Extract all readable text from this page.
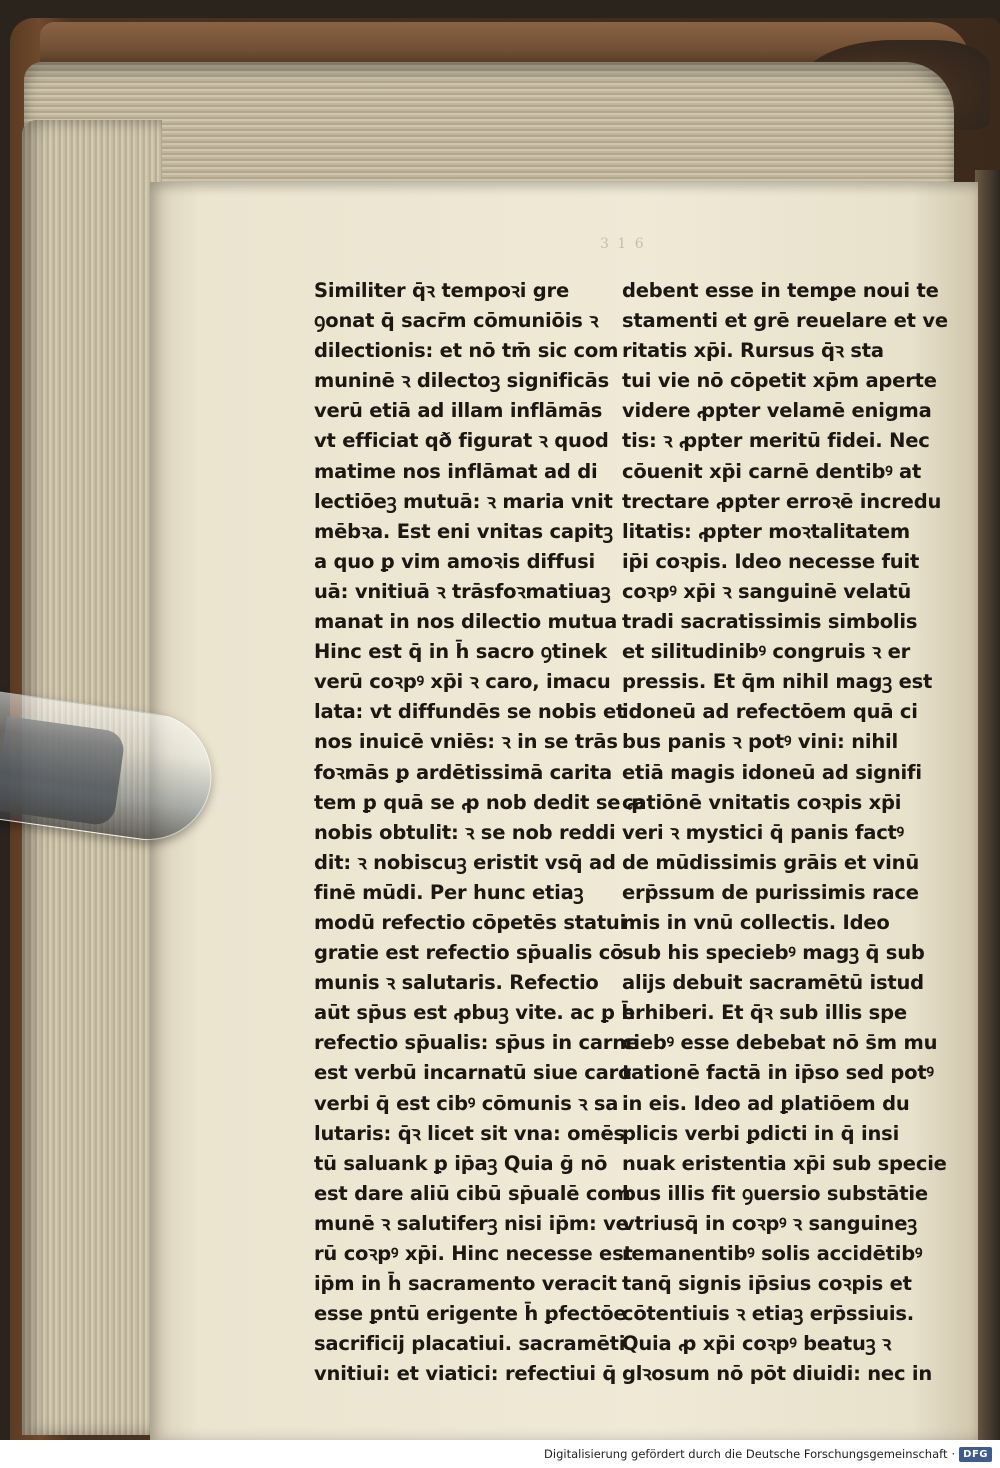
3 1 6
Similiter q̄ꝛ tempoꝛi gre
ꝯonat q̄ sacr̄m cōmuniōis ꝛ
dilectionis: et nō tm̄ sic com
muninē ꝛ dilectoꝫ significās
verū etiā ad illam inflāmās
vt efficiat qð figurat ꝛ quod
matime nos inflāmat ad di
lectiōeꝫ mutuā: ꝛ maria vnit
mēbꝛa. Est eni vnitas capitꝫ
a quo ꝑ vim amoꝛis diffusi
uā: vnitiuā ꝛ trāsfoꝛmatiuaꝫ
manat in nos dilectio mutua
Hinc est q̄ in h̄ sacro ꝯtinek
verū coꝛpꝰ xp̄i ꝛ caro, imacu
lata: vt diffundēs se nobis et
nos inuicē vniēs: ꝛ in se trās
foꝛmās ꝑ ardētissimā carita
tem ꝑ quā se ꝓ nob dedit se ꝓ
nobis obtulit: ꝛ se nob reddi
dit: ꝛ nobiscuꝫ eristit vsq̄ ad
finē mūdi. Per hunc etiaꝫ
modū refectio cōpetēs statui
gratie est refectio sp̄ualis cō
munis ꝛ salutaris. Refectio
aūt sp̄us est ꝓbuꝫ vite. ac ꝑ h̄
refectio sp̄ualis: sp̄us in carne
est verbū incarnatū siue caro
verbi q̄ est cibꝰ cōmunis ꝛ sa
lutaris: q̄ꝛ licet sit vna: omēs
tū saluank ꝑ ip̄aꝫ Quia ḡ nō
est dare aliū cibū sp̄ualē com
munē ꝛ salutiferꝫ nisi ip̄m: ve
rū coꝛpꝰ xp̄i. Hinc necesse est
ip̄m in h̄ sacramento veracit
esse ꝑntū erigente h̄ ꝑfectōe
sacrificij placatiui. sacramēti
vnitiui: et viatici: refectiui q̄
debent esse in temꝑe noui te
stamenti et grē reuelare et ve
ritatis xp̄i. Rursus q̄ꝛ sta
tui vie nō cōpetit xp̄m aperte
videre ꝓpter velamē enigma
tis: ꝛ ꝓpter meritū fidei. Nec
cōuenit xp̄i carnē dentibꝰ at
trectare ꝓpter erroꝛē incredu
litatis: ꝓpter moꝛtalitatem
ip̄i coꝛpis. Ideo necesse fuit
coꝛpꝰ xp̄i ꝛ sanguinē velatū
tradi sacratissimis simbolis
et silitudinibꝰ congruis ꝛ er
pressis. Et q̄m nihil magꝫ est
idoneū ad refectōem quā ci
bus panis ꝛ potꝰ vini: nihil
etiā magis idoneū ad signifi
catiōnē vnitatis coꝛpis xp̄i
veri ꝛ mystici q̄ panis factꝰ
de mūdissimis grāis et vinū
erp̄ssum de purissimis race
mis in vnū collectis. Ideo
sub his speciebꝰ magꝫ q̄ sub
alijs debuit sacramētū istud
erhiberi. Et q̄ꝛ sub illis spe
ciebꝰ esse debebat nō s̄m mu
tationē factā in ip̄so sed potꝰ
in eis. Ideo ad ꝑlatiōem du
plicis verbi ꝑdicti in q̄ insi
nuak eristentia xp̄i sub specie
bus illis fit ꝯuersio substātie
vtriusq̄ in coꝛpꝰ ꝛ sanguineꝫ
remanentibꝰ solis accidētibꝰ
tanq̄ signis ip̄sius coꝛpis et
cōtentiuis ꝛ etiaꝫ erp̄ssiuis.
Quia ꝓ xp̄i coꝛpꝰ beatuꝫ ꝛ
glꝛosum nō pōt diuidi: nec in
Digitalisierung gefördert durch die Deutsche Forschungsgemeinschaft · DFG
